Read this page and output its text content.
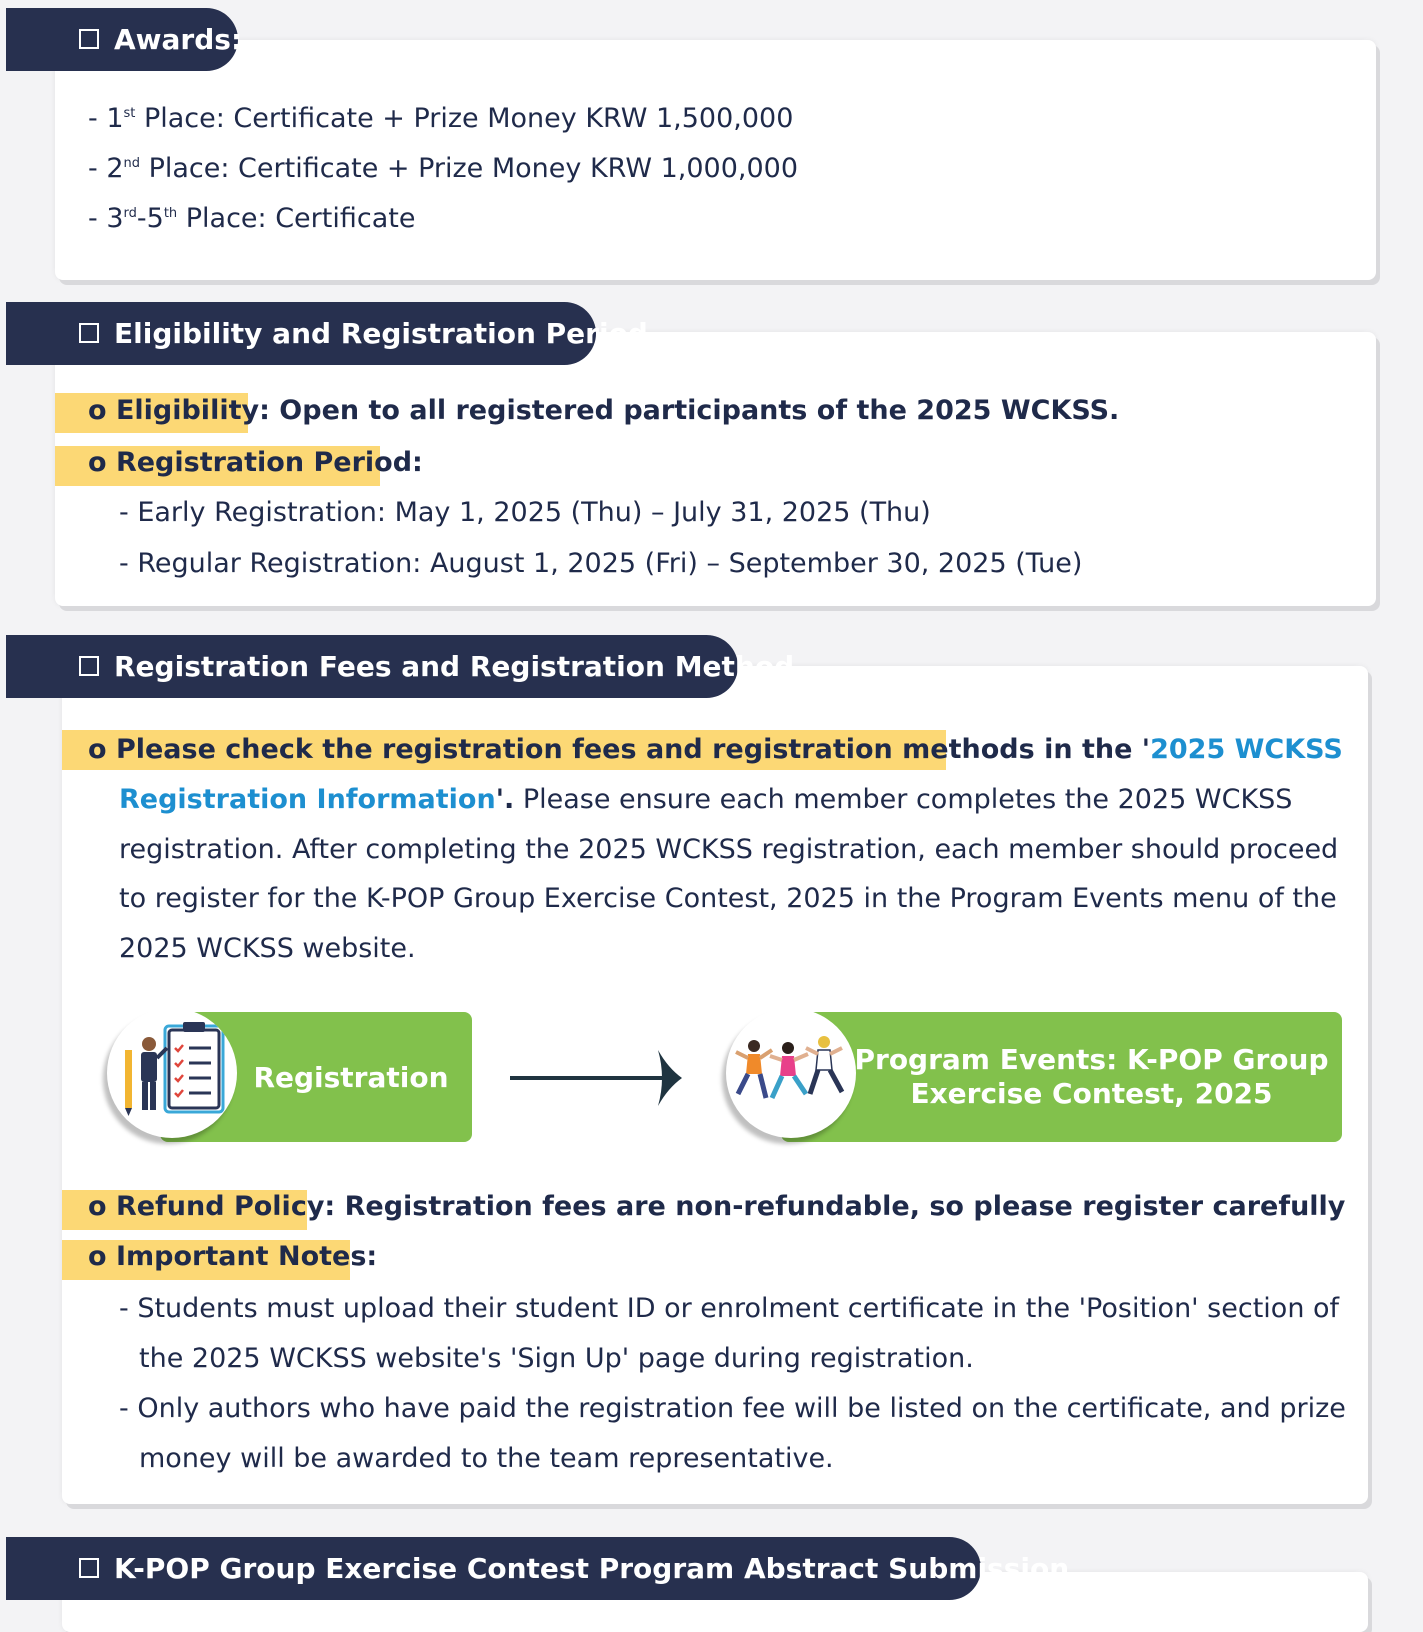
Awards:
- 1st Place: Certificate + Prize Money KRW 1,500,000
- 2nd Place: Certificate + Prize Money KRW 1,000,000
- 3rd-5th Place: Certificate
Eligibility and Registration Period
o Eligibility: Open to all registered participants of the 2025 WCKSS.
o Registration Period:
- Early Registration: May 1, 2025 (Thu) – July 31, 2025 (Thu)
- Regular Registration: August 1, 2025 (Fri) – September 30, 2025 (Tue)
Registration Fees and Registration Method
o Please check the registration fees and registration methods in the '2025 WCKSS
Registration Information'. Please ensure each member completes the 2025 WCKSS registration. After completing the 2025 WCKSS registration, each member should proceed to register for the K-POP Group Exercise Contest, 2025 in the Program Events menu of the 2025 WCKSS website.
Registration
Program Events: K-POP Group Exercise Contest, 2025
o Refund Policy: Registration fees are non-refundable, so please register carefully
o Important Notes:
- Students must upload their student ID or enrolment certificate in the 'Position' section of the 2025 WCKSS website's 'Sign Up' page during registration.
- Only authors who have paid the registration fee will be listed on the certificate, and prize money will be awarded to the team representative.
K-POP Group Exercise Contest Program Abstract Submission
